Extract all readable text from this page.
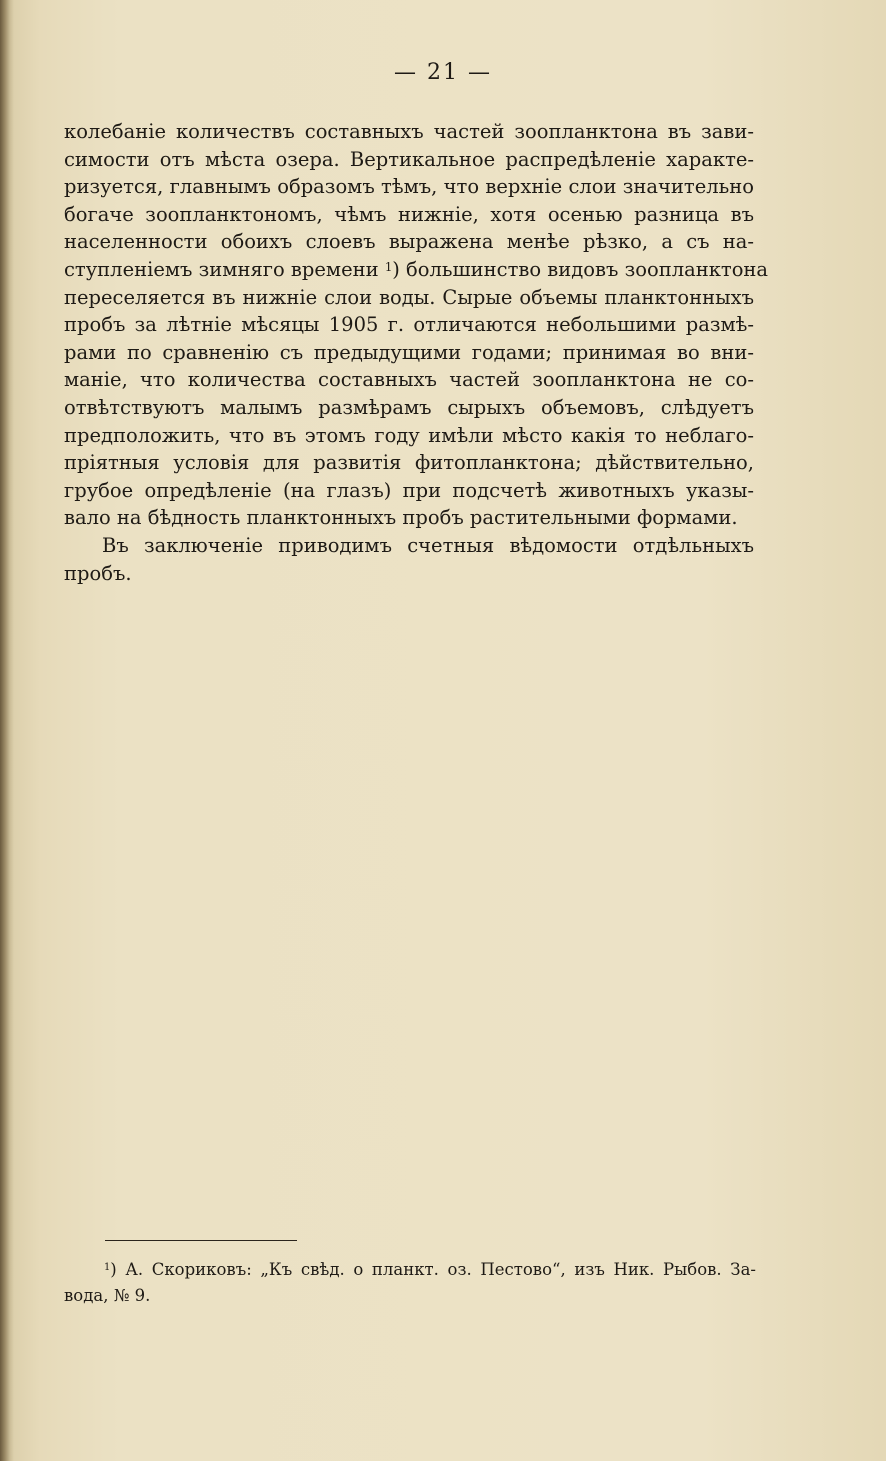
— 21 —
колебаніе количествъ составныхъ частей зоопланктона въ зави-
симости отъ мѣста озера. Вертикальное распредѣленіе характе-
ризуется, главнымъ образомъ тѣмъ, что верхніе слои значительно
богаче зоопланктономъ, чѣмъ нижніе, хотя осенью разница въ
населенности обоихъ слоевъ выражена менѣе рѣзко, а съ на-
ступленіемъ зимняго времени $^1$) большинство видовъ зоопланктона
переселяется въ нижніе слои воды. Сырые объемы планктонныхъ
пробъ за лѣтніе мѣсяцы 1905 г. отличаются небольшими размѣ-
рами по сравненію съ предыдущими годами; принимая во вни-
маніе, что количества составныхъ частей зоопланктона не со-
отвѣтствуютъ малымъ размѣрамъ сырыхъ объемовъ, слѣдуетъ
предположить, что въ этомъ году имѣли мѣсто какія то неблаго-
пріятныя условія для развитія фитопланктона; дѣйствительно,
грубое опредѣленіе (на глазъ) при подсчетѣ животныхъ указы-
вало на бѣдность планктонныхъ пробъ растительными формами.
Въ заключеніе приводимъ счетныя вѣдомости отдѣльныхъ
пробъ.
$^1$) А. Скориковъ: „Къ свѣд. о планкт. оз. Пестово“, изъ Ник. Рыбов. За-
вода, № 9.
